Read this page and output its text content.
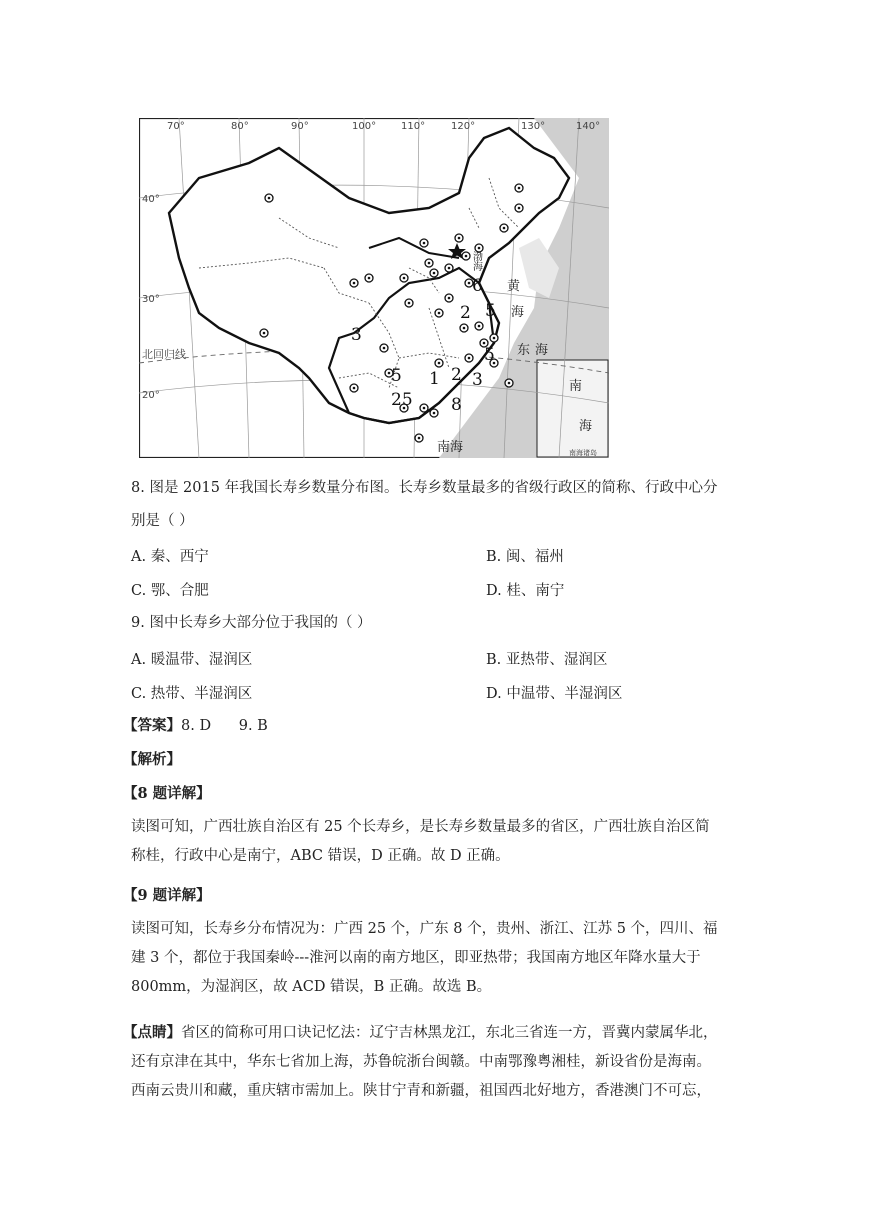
70°	80°	90°	100° 110°	120°	130°	140°
40°
30°
20°
北回归线
黄
海
东 海
南
海
南海
渤
海
6
2 5
5
3
1 2 3
5
25 8
南海诸岛
8. 图是 2015 年我国长寿乡数量分布图。长寿乡数量最多的省级行政区的简称、行政中心分
别是（ ）
A. 秦、西宁	B. 闽、福州
C. 鄂、合肥	D. 桂、南宁
9. 图中长寿乡大部分位于我国的（ ）
A. 暖温带、湿润区	B. 亚热带、湿润区
C. 热带、半湿润区	D. 中温带、半湿润区
【答案】8. D      9. B
【解析】
【8 题详解】
读图可知，广西壮族自治区有 25 个长寿乡，是长寿乡数量最多的省区，广西壮族自治区简
称桂，行政中心是南宁，ABC 错误，D 正确。故 D 正确。
【9 题详解】
读图可知，长寿乡分布情况为：广西 25 个，广东 8 个，贵州、浙江、江苏 5 个，四川、福
建 3 个，都位于我国秦岭---淮河以南的南方地区，即亚热带；我国南方地区年降水量大于
800mm，为湿润区，故 ACD 错误，B 正确。故选 B。
【点睛】省区的简称可用口诀记忆法：辽宁吉林黑龙江，东北三省连一方，晋冀内蒙属华北，
还有京津在其中，华东七省加上海，苏鲁皖浙台闽赣。中南鄂豫粤湘桂，新设省份是海南。
西南云贵川和藏，重庆辖市需加上。陕甘宁青和新疆，祖国西北好地方，香港澳门不可忘，
